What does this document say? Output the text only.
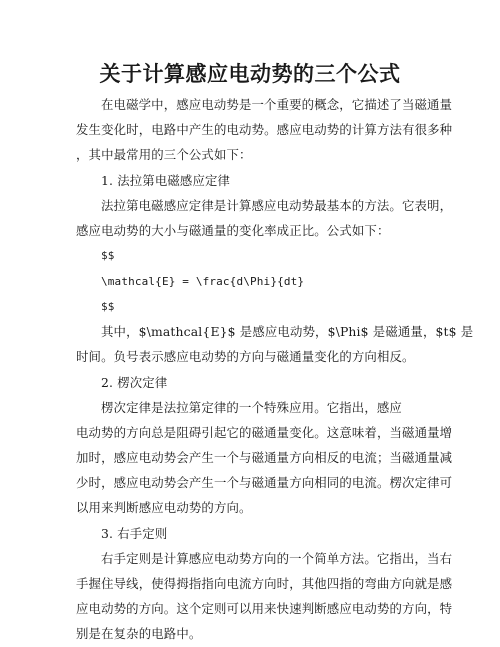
关于计算感应电动势的三个公式
在电磁学中，感应电动势是一个重要的概念，它描述了当磁通量
发生变化时，电路中产生的电动势。感应电动势的计算方法有很多种
，其中最常用的三个公式如下：
1. 法拉第电磁感应定律
法拉第电磁感应定律是计算感应电动势最基本的方法。它表明，
感应电动势的大小与磁通量的变化率成正比。公式如下：
$$
\mathcal{E} = \frac{d\Phi}{dt}
$$
其中，$\mathcal{E}$ 是感应电动势，$\Phi$ 是磁通量，$t$ 是
时间。负号表示感应电动势的方向与磁通量变化的方向相反。
2. 楞次定律
楞次定律是法拉第定律的一个特殊应用。它指出，感应
电动势的方向总是阻碍引起它的磁通量变化。这意味着，当磁通量增
加时，感应电动势会产生一个与磁通量方向相反的电流；当磁通量减
少时，感应电动势会产生一个与磁通量方向相同的电流。楞次定律可
以用来判断感应电动势的方向。
3. 右手定则
右手定则是计算感应电动势方向的一个简单方法。它指出，当右
手握住导线，使得拇指指向电流方向时，其他四指的弯曲方向就是感
应电动势的方向。这个定则可以用来快速判断感应电动势的方向，特
别是在复杂的电路中。
